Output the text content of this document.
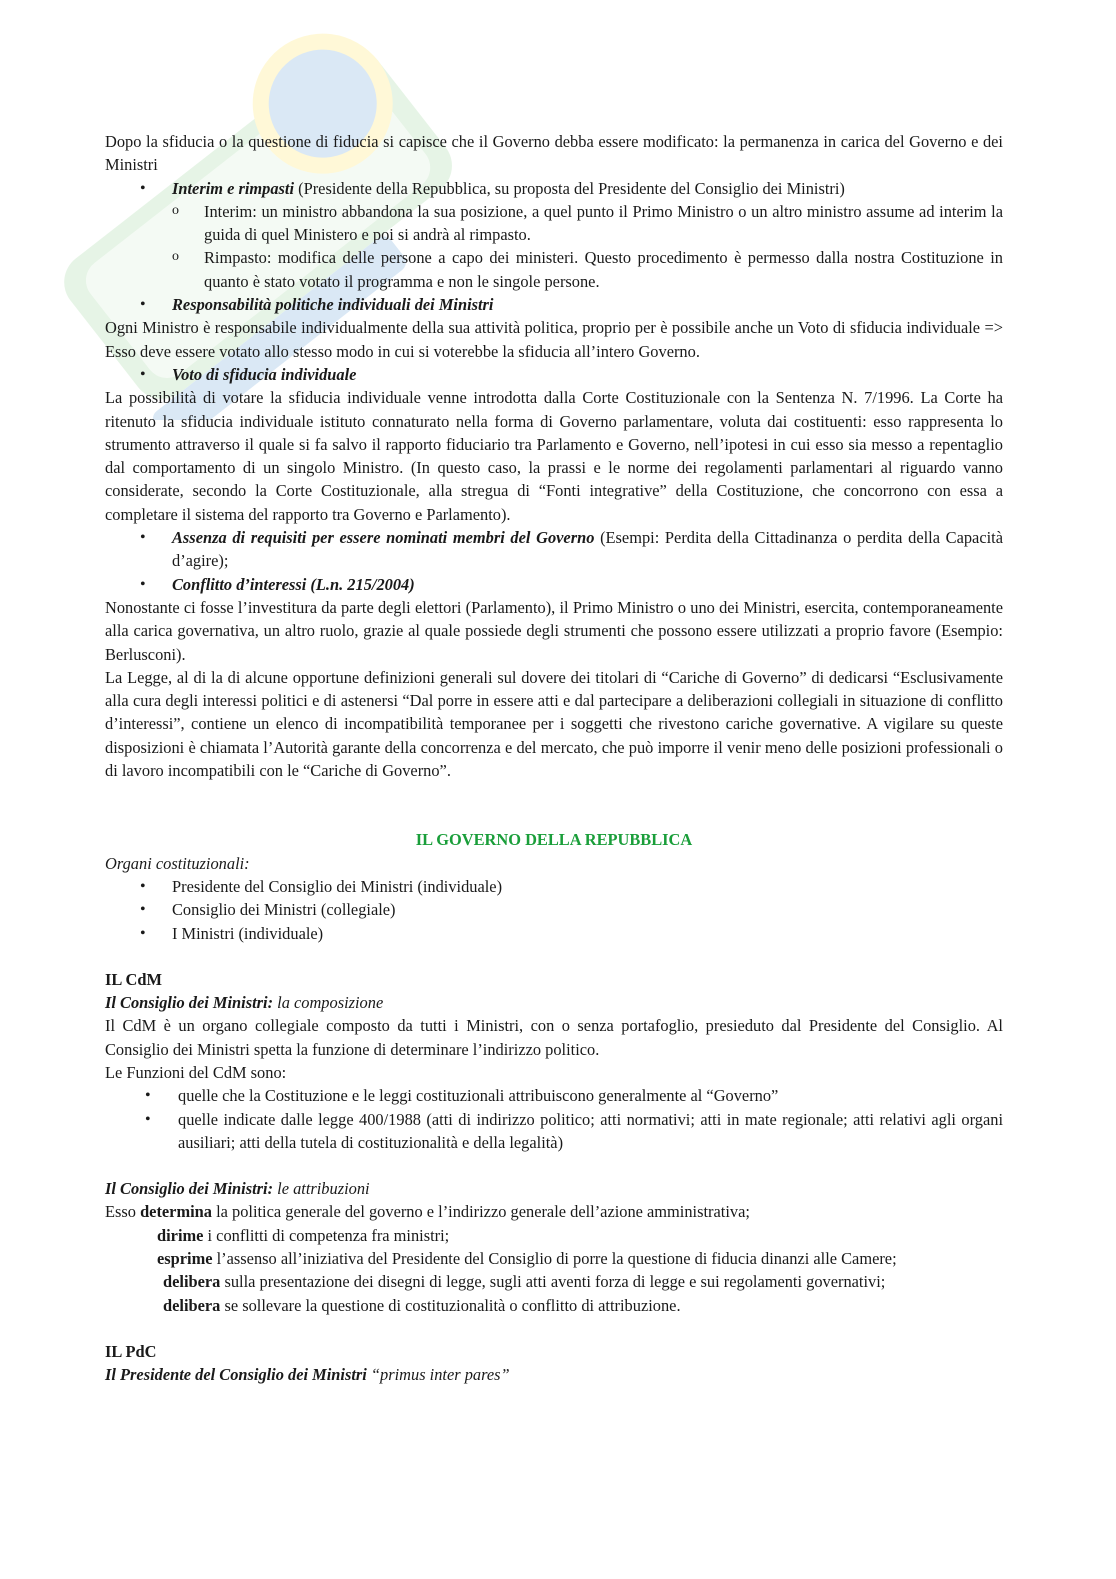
Dopo la sfiducia o la questione di fiducia si capisce che il Governo debba essere modificato: la permanenza in carica del Governo e dei Ministri

• Interim e rimpasti (Presidente della Repubblica, su proposta del Presidente del Consiglio dei Ministri)
o Interim: un ministro abbandona la sua posizione, a quel punto il Primo Ministro o un altro ministro assume ad interim la guida di quel Ministero e poi si andrà al rimpasto.
o Rimpasto: modifica delle persone a capo dei ministeri. Questo procedimento è permesso dalla nostra Costituzione in quanto è stato votato il programma e non le singole persone.
• Responsabilità politiche individuali dei Ministri

Ogni Ministro è responsabile individualmente della sua attività politica, proprio per è possibile anche un Voto di sfiducia individuale => Esso deve essere votato allo stesso modo in cui si voterebbe la sfiducia all’intero Governo.

• Voto di sfiducia individuale

La possibilità di votare la sfiducia individuale venne introdotta dalla Corte Costituzionale con la Sentenza N. 7/1996. La Corte ha ritenuto la sfiducia individuale istituto connaturato nella forma di Governo parlamentare, voluta dai costituenti: esso rappresenta lo strumento attraverso il quale si fa salvo il rapporto fiduciario tra Parlamento e Governo, nell’ipotesi in cui esso sia messo a repentaglio dal comportamento di un singolo Ministro. (In questo caso, la prassi e le norme dei regolamenti parlamentari al riguardo vanno considerate, secondo la Corte Costituzionale, alla stregua di “Fonti integrative” della Costituzione, che concorrono con essa a completare il sistema del rapporto tra Governo e Parlamento).

• Assenza di requisiti per essere nominati membri del Governo (Esempi: Perdita della Cittadinanza o perdita della Capacità d’agire);
• Conflitto d’interessi (L.n. 215/2004)

Nonostante ci fosse l’investitura da parte degli elettori (Parlamento), il Primo Ministro o uno dei Ministri, esercita, contemporaneamente alla carica governativa, un altro ruolo, grazie al quale possiede degli strumenti che possono essere utilizzati a proprio favore (Esempio: Berlusconi).

La Legge, al di la di alcune opportune definizioni generali sul dovere dei titolari di “Cariche di Governo” di dedicarsi “Esclusivamente alla cura degli interessi politici e di astenersi “Dal porre in essere atti e dal partecipare a deliberazioni collegiali in situazione di conflitto d’interessi”, contiene un elenco di incompatibilità temporanee per i soggetti che rivestono cariche governative. A vigilare su queste disposizioni è chiamata l’Autorità garante della concorrenza e del mercato, che può imporre il venir meno delle posizioni professionali o di lavoro incompatibili con le “Cariche di Governo”.

IL GOVERNO DELLA REPUBBLICA

Organi costituzionali:

• Presidente del Consiglio dei Ministri (individuale)
• Consiglio dei Ministri (collegiale)
• I Ministri (individuale)

IL CdM

Il Consiglio dei Ministri: la composizione

Il CdM è un organo collegiale composto da tutti i Ministri, con o senza portafoglio, presieduto dal Presidente del Consiglio. Al Consiglio dei Ministri spetta la funzione di determinare l’indirizzo politico.

Le Funzioni del CdM sono:

• quelle che la Costituzione e le leggi costituzionali attribuiscono generalmente al “Governo”
• quelle indicate dalle legge 400/1988 (atti di indirizzo politico; atti normativi; atti in mate regionale; atti relativi agli organi ausiliari; atti della tutela di costituzionalità e della legalità)

Il Consiglio dei Ministri: le attribuzioni

Esso determina la politica generale del governo e l’indirizzo generale dell’azione amministrativa;

dirime i conflitti di competenza fra ministri;

esprime l’assenso all’iniziativa del Presidente del Consiglio di porre la questione di fiducia dinanzi alle Camere;

delibera sulla presentazione dei disegni di legge, sugli atti aventi forza di legge e sui regolamenti governativi;

delibera se sollevare la questione di costituzionalità o conflitto di attribuzione.

IL PdC

Il Presidente del Consiglio dei Ministri “primus inter pares”
